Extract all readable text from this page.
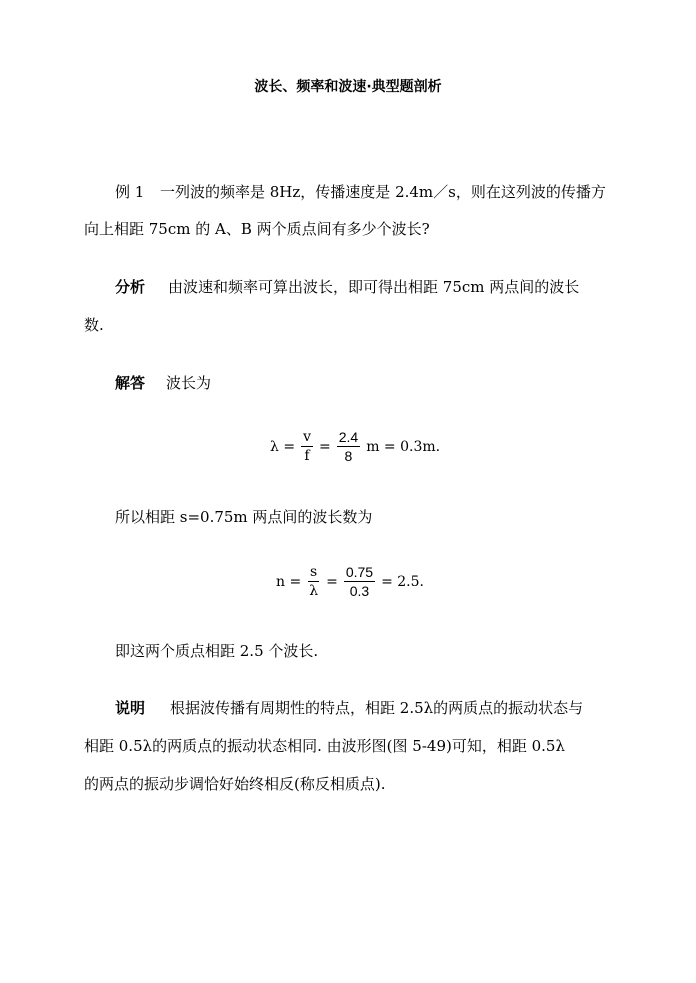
波长、频率和波速·典型题剖析
例 1 一列波的频率是 8Hz，传播速度是 2.4m／s，则在这列波的传播方
向上相距 75cm 的 A、B 两个质点间有多少个波长?
分析 由波速和频率可算出波长，即可得出相距 75cm 两点间的波长
数.
解答 波长为
$\lambda = \frac{v}{f} = \frac{2.4}{8}$ m = 0.3m.
所以相距 s=0.75m 两点间的波长数为
$n = \frac{s}{\lambda} = \frac{0.75}{0.3} = 2.5$.
即这两个质点相距 2.5 个波长.
说明 根据波传播有周期性的特点，相距 2.5λ的两质点的振动状态与
相距 0.5λ的两质点的振动状态相同. 由波形图(图 5-49)可知，相距 0.5λ
的两点的振动步调恰好始终相反(称反相质点).
